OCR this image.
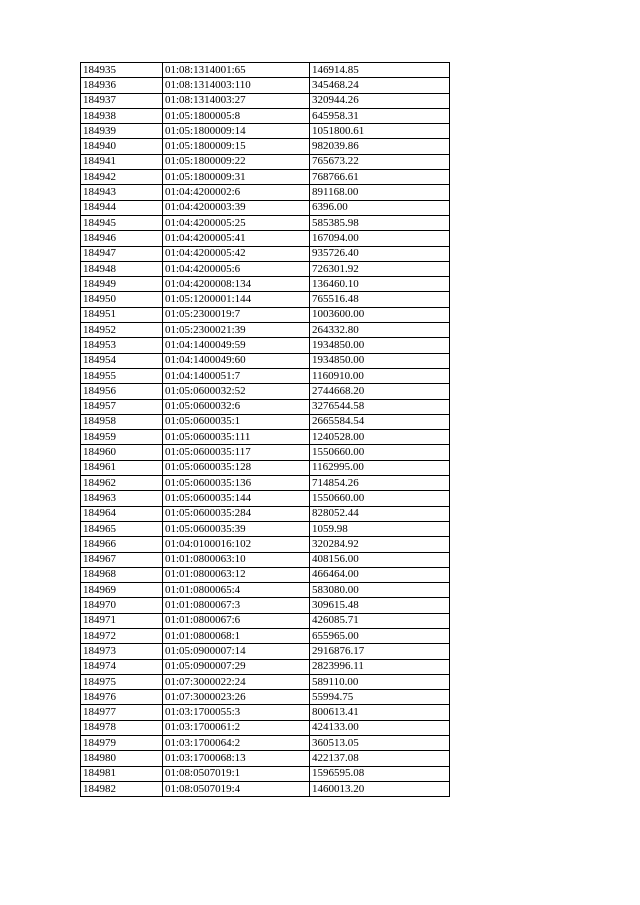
184935	01:08:1314001:65	146914.85
184936	01:08:1314003:110	345468.24
184937	01:08:1314003:27	320944.26
184938	01:05:1800005:8	645958.31
184939	01:05:1800009:14	1051800.61
184940	01:05:1800009:15	982039.86
184941	01:05:1800009:22	765673.22
184942	01:05:1800009:31	768766.61
184943	01:04:4200002:6	891168.00
184944	01:04:4200003:39	6396.00
184945	01:04:4200005:25	585385.98
184946	01:04:4200005:41	167094.00
184947	01:04:4200005:42	935726.40
184948	01:04:4200005:6	726301.92
184949	01:04:4200008:134	136460.10
184950	01:05:1200001:144	765516.48
184951	01:05:2300019:7	1003600.00
184952	01:05:2300021:39	264332.80
184953	01:04:1400049:59	1934850.00
184954	01:04:1400049:60	1934850.00
184955	01:04:1400051:7	1160910.00
184956	01:05:0600032:52	2744668.20
184957	01:05:0600032:6	3276544.58
184958	01:05:0600035:1	2665584.54
184959	01:05:0600035:111	1240528.00
184960	01:05:0600035:117	1550660.00
184961	01:05:0600035:128	1162995.00
184962	01:05:0600035:136	714854.26
184963	01:05:0600035:144	1550660.00
184964	01:05:0600035:284	828052.44
184965	01:05:0600035:39	1059.98
184966	01:04:0100016:102	320284.92
184967	01:01:0800063:10	408156.00
184968	01:01:0800063:12	466464.00
184969	01:01:0800065:4	583080.00
184970	01:01:0800067:3	309615.48
184971	01:01:0800067:6	426085.71
184972	01:01:0800068:1	655965.00
184973	01:05:0900007:14	2916876.17
184974	01:05:0900007:29	2823996.11
184975	01:07:3000022:24	589110.00
184976	01:07:3000023:26	55994.75
184977	01:03:1700055:3	800613.41
184978	01:03:1700061:2	424133.00
184979	01:03:1700064:2	360513.05
184980	01:03:1700068:13	422137.08
184981	01:08:0507019:1	1596595.08
184982	01:08:0507019:4	1460013.20
